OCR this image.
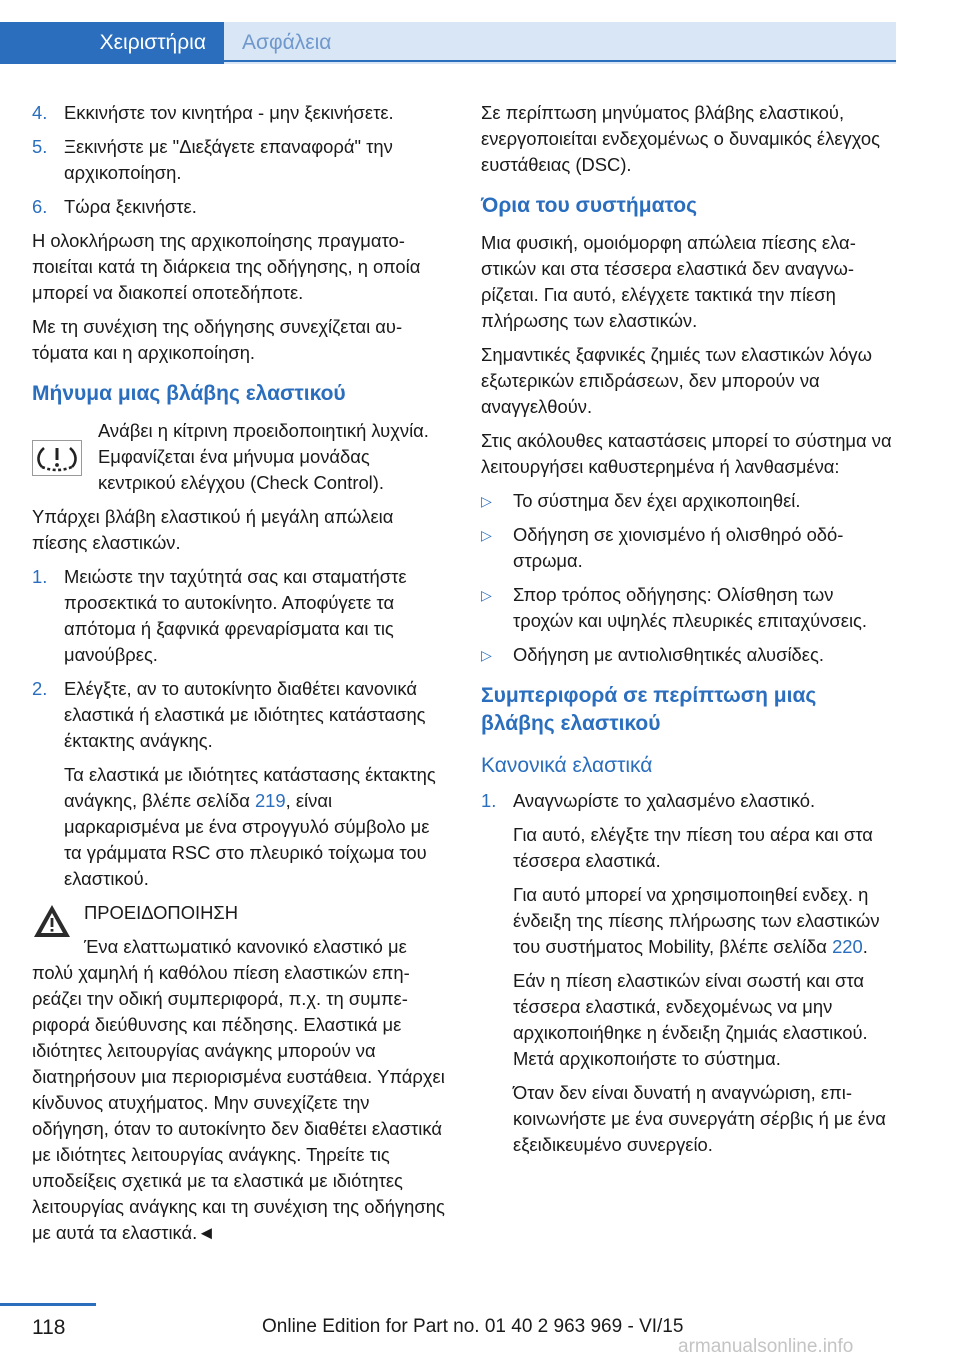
Χειριστήρια	Ασφάλεια
4. Εκκινήστε τον κινητήρα - μην ξεκινήσετε.
5. Ξεκινήστε με "Διεξάγετε επαναφορά" την αρχικοποίηση.
6. Τώρα ξεκινήστε.

Η ολοκλήρωση της αρχικοποίησης πραγματοποιείται κατά τη διάρκεια της οδήγησης, η οποία μπορεί να διακοπεί οποτεδήποτε.

Με τη συνέχιση της οδήγησης συνεχίζεται αυτόματα και η αρχικοποίηση.

Μήνυμα μιας βλάβης ελαστικού

Ανάβει η κίτρινη προειδοποιητική λυχνία. Εμφανίζεται ένα μήνυμα μονάδας κεντρικού ελέγχου (Check Control).

Υπάρχει βλάβη ελαστικού ή μεγάλη απώλεια πίεσης ελαστικών.

1. Μειώστε την ταχύτητά σας και σταματήστε προσεκτικά το αυτοκίνητο. Αποφύγετε τα απότομα ή ξαφνικά φρεναρίσματα και τις μανούβρες.
2. Ελέγξτε, αν το αυτοκίνητο διαθέτει κανονικά ελαστικά ή ελαστικά με ιδιότητες κατάστασης έκτακτης ανάγκης.

Τα ελαστικά με ιδιότητες κατάστασης έκτακτης ανάγκης, βλέπε σελίδα 219, είναι μαρκαρισμένα με ένα στρογγυλό σύμβολο με τα γράμματα RSC στο πλευρικό τοίχωμα του ελαστικού.

ΠΡΟΕΙΔΟΠΟΙΗΣΗ

Ένα ελαττωματικό κανονικό ελαστικό με

πολύ χαμηλή ή καθόλου πίεση ελαστικών επηρεάζει την οδική συμπεριφορά, π.χ. τη συμπεριφορά διεύθυνσης και πέδησης. Ελαστικά με ιδιότητες λειτουργίας ανάγκης μπορούν να διατηρήσουν μια περιορισμένα ευστάθεια. Υπάρχει κίνδυνος ατυχήματος. Μην συνεχίζετε την οδήγηση, όταν το αυτοκίνητο δεν διαθέτει ελαστικά με ιδιότητες λειτουργίας ανάγκης. Τηρείτε τις υποδείξεις σχετικά με τα ελαστικά με ιδιότητες λειτουργίας ανάγκης και τη συνέχιση της οδήγησης με αυτά τα ελαστικά.◄

Σε περίπτωση μηνύματος βλάβης ελαστικού, ενεργοποιείται ενδεχομένως ο δυναμικός έλεγχος ευστάθειας (DSC).

Όρια του συστήματος

Μια φυσική, ομοιόμορφη απώλεια πίεσης ελαστικών και στα τέσσερα ελαστικά δεν αναγνωρίζεται. Για αυτό, ελέγχετε τακτικά την πίεση πλήρωσης των ελαστικών.

Σημαντικές ξαφνικές ζημιές των ελαστικών λόγω εξωτερικών επιδράσεων, δεν μπορούν να αναγγελθούν.

Στις ακόλουθες καταστάσεις μπορεί το σύστημα να λειτουργήσει καθυστερημένα ή λανθασμένα:

▷	Το σύστημα δεν έχει αρχικοποιηθεί.
▷	Οδήγηση σε χιονισμένο ή ολισθηρό οδόστρωμα.
▷	Σπορ τρόπος οδήγησης: Ολίσθηση των τροχών και υψηλές πλευρικές επιταχύνσεις.
▷	Οδήγηση με αντιολισθητικές αλυσίδες.
Συμπεριφορά σε περίπτωση μιας βλάβης ελαστικού
Κανονικά ελαστικά
1. Αναγνωρίστε το χαλασμένο ελαστικό.

Για αυτό, ελέγξτε την πίεση του αέρα και στα τέσσερα ελαστικά.

Για αυτό μπορεί να χρησιμοποιηθεί ενδεχ. η ένδειξη της πίεσης πλήρωσης των ελαστικών του συστήματος Mobility, βλέπε σελίδα 220.

Εάν η πίεση ελαστικών είναι σωστή και στα τέσσερα ελαστικά, ενδεχομένως να μην αρχικοποιήθηκε η ένδειξη ζημιάς ελαστικού. Μετά αρχικοποιήστε το σύστημα.

Όταν δεν είναι δυνατή η αναγνώριση, επικοινωνήστε με ένα συνεργάτη σέρβις ή με ένα εξειδικευμένο συνεργείο.

118	Online Edition for Part no. 01 40 2 963 969 - VI/15
armanualsonline.info
